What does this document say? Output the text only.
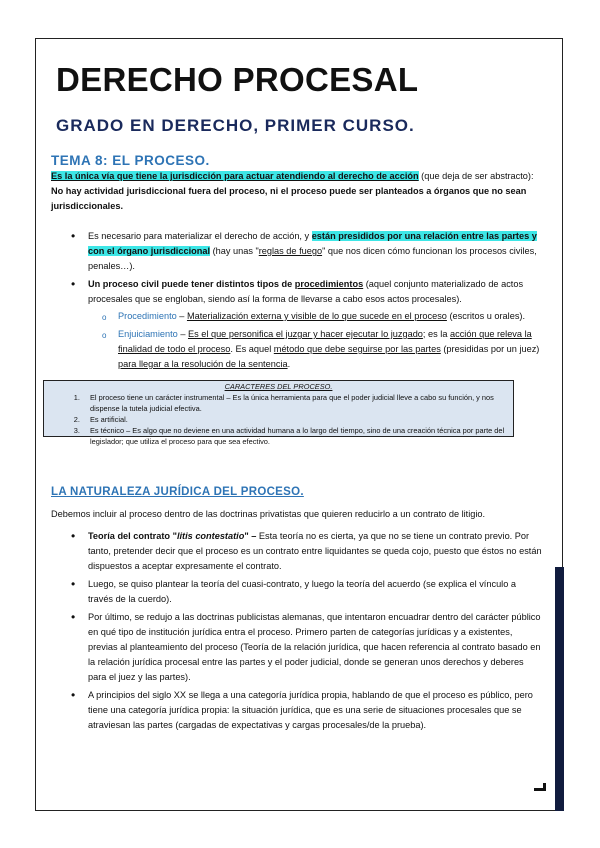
DERECHO PROCESAL
GRADO EN DERECHO, PRIMER CURSO.
TEMA 8: EL PROCESO.
Es la única vía que tiene la jurisdicción para actuar atendiendo al derecho de acción (que deja de ser abstracto): No hay actividad jurisdiccional fuera del proceso, ni el proceso puede ser planteados a órganos que no sean jurisdiccionales.
• Es necesario para materializar el derecho de acción, y están presididos por una relación entre las partes y con el órgano jurisdiccional (hay unas "reglas de fuego" que nos dicen cómo funcionan los procesos civiles, penales…).
• Un proceso civil puede tener distintos tipos de procedimientos (aquel conjunto materializado de actos procesales que se engloban, siendo así la forma de llevarse a cabo esos actos procesales).
o Procedimiento – Materialización externa y visible de lo que sucede en el proceso (escritos u orales).
o Enjuiciamiento – Es el que personifica el juzgar y hacer ejecutar lo juzgado; es la acción que releva la finalidad de todo el proceso. Es aquel método que debe seguirse por las partes (presididas por un juez) para llegar a la resolución de la sentencia.
CARACTERES DEL PROCESO.
1. El proceso tiene un carácter instrumental – Es la única herramienta para que el poder judicial lleve a cabo su función, y nos dispense la tutela judicial efectiva.
2. Es artificial.
3. Es técnico – Es algo que no deviene en una actividad humana a lo largo del tiempo, sino de una creación técnica por parte del legislador; que utiliza el proceso para que sea efectivo.
LA NATURALEZA JURÍDICA DEL PROCESO.
Debemos incluir al proceso dentro de las doctrinas privatistas que quieren reducirlo a un contrato de litigio.
• Teoría del contrato "litis contestatio" – Esta teoría no es cierta, ya que no se tiene un contrato previo. Por tanto, pretender decir que el proceso es un contrato entre liquidantes se queda cojo, puesto que éstos no están dispuestos a aceptar expresamente el contrato.
• Luego, se quiso plantear la teoría del cuasi-contrato, y luego la teoría del acuerdo (se explica el vínculo a través de la cuerdo).
• Por último, se redujo a las doctrinas publicistas alemanas, que intentaron encuadrar dentro del carácter público en qué tipo de institución jurídica entra el proceso. Primero parten de categorías jurídicas y a existentes, previas al planteamiento del proceso (Teoría de la relación jurídica, que hacen referencia al contrato basado en la relación jurídica procesal entre las partes y el poder judicial, donde se generan unos derechos y deberes para el juez y las partes).
• A principios del siglo XX se llega a una categoría jurídica propia, hablando de que el proceso es público, pero tiene una categoría jurídica propia: la situación jurídica, que es una serie de situaciones procesales que se atraviesan las partes (cargadas de expectativas y cargas procesales/de la prueba).
